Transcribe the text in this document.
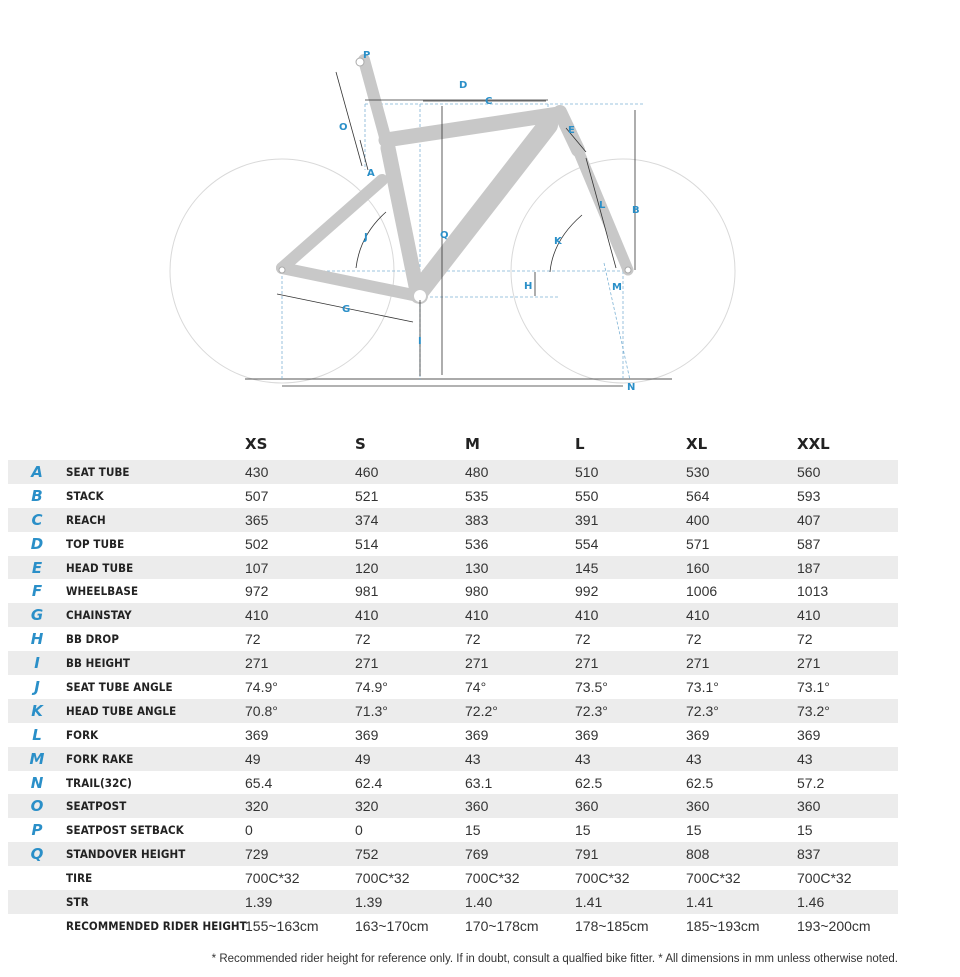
P
D
C
O	E
B
A
Q
J
L
K
H	M
G
I
N
		XS	S	M	L	XL	XXL
A	SEAT TUBE	430	460	480	510	530	560
B	STACK	507	521	535	550	564	593
C	REACH	365	374	383	391	400	407
D	TOP TUBE	502	514	536	554	571	587
E	HEAD TUBE	107	120	130	145	160	187
F	WHEELBASE	972	981	980	992	1006	1013
G	CHAINSTAY	410	410	410	410	410	410
H	BB DROP	72	72	72	72	72	72
I	BB HEIGHT	271	271	271	271	271	271
J	SEAT TUBE ANGLE	74.9°	74.9°	74°	73.5°	73.1°	73.1°
K	HEAD TUBE ANGLE	70.8°	71.3°	72.2°	72.3°	72.3°	73.2°
L	FORK	369	369	369	369	369	369
M	FORK RAKE	49	49	43	43	43	43
N	TRAIL(32C)	65.4	62.4	63.1	62.5	62.5	57.2
O	SEATPOST	320	320	360	360	360	360
P	SEATPOST SETBACK	0	0	15	15	15	15
Q	STANDOVER HEIGHT	729	752	769	791	808	837
	TIRE	700C*32	700C*32	700C*32	700C*32	700C*32	700C*32
	STR	1.39	1.39	1.40	1.41	1.41	1.46
	RECOMMENDED RIDER HEIGHT	155~163cm	163~170cm	170~178cm	178~185cm	185~193cm	193~200cm
* Recommended rider height for reference only. If in doubt, consult a qualfied bike fitter. * All dimensions in mm unless otherwise noted.
